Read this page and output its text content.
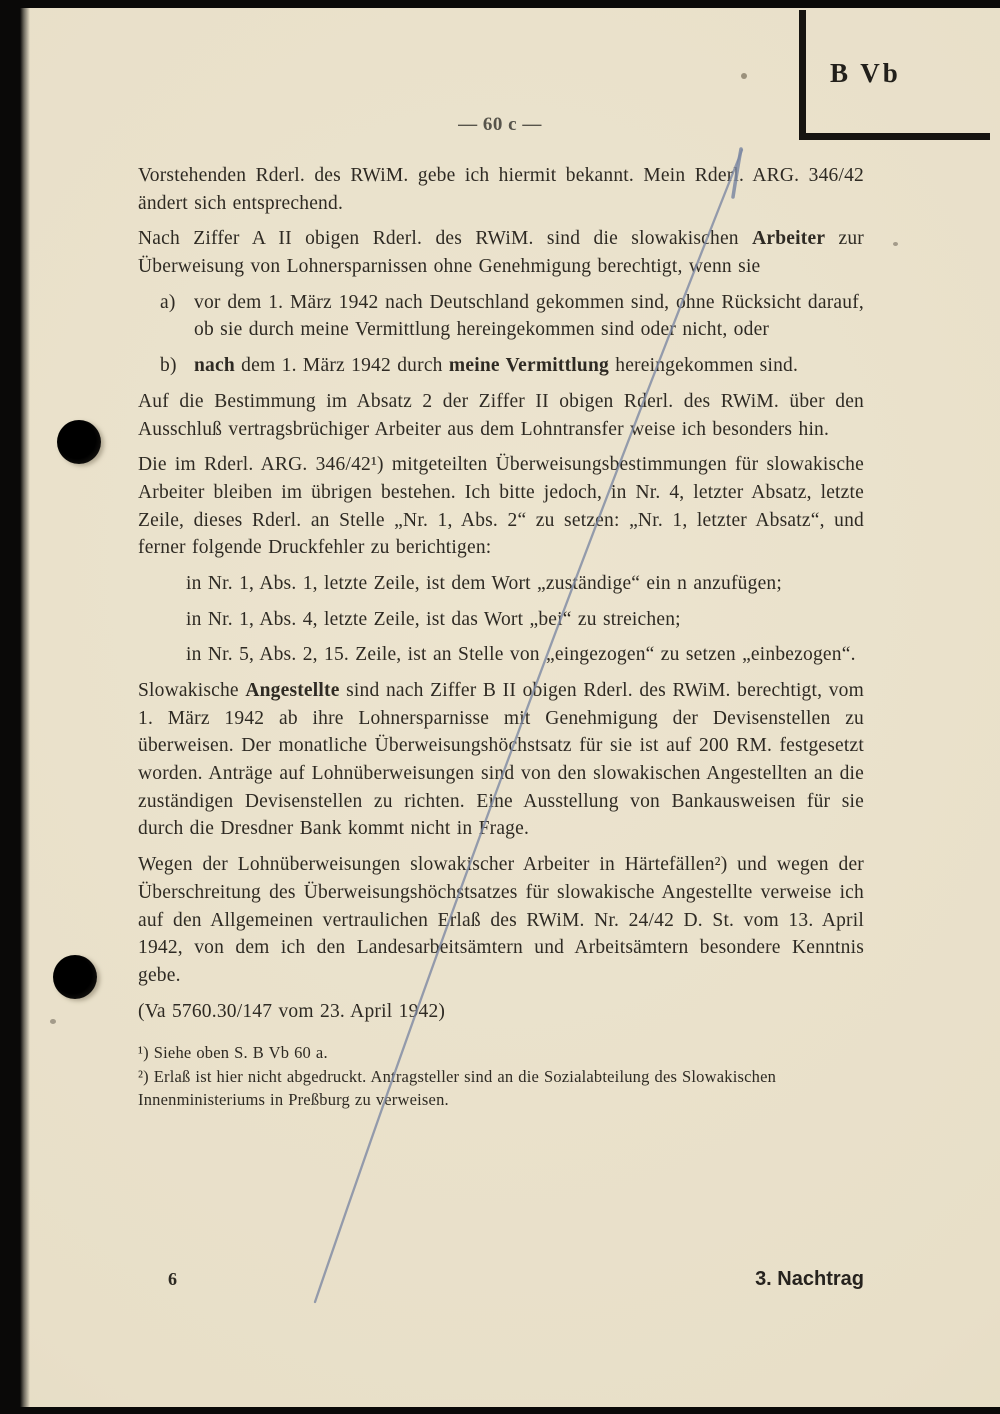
B Vb
— 60 c —

Vorstehenden Rderl. des RWiM. gebe ich hiermit bekannt. Mein Rderl. ARG. 346/42 ändert sich entsprechend.

Nach Ziffer A II obigen Rderl. des RWiM. sind die slowakischen Arbeiter zur Überweisung von Lohnersparnissen ohne Genehmigung berechtigt, wenn sie

a) vor dem 1. März 1942 nach Deutschland gekommen sind, ohne Rücksicht darauf, ob sie durch meine Vermittlung hereingekommen sind oder nicht, oder
b) nach dem 1. März 1942 durch meine Vermittlung hereingekommen sind.

Auf die Bestimmung im Absatz 2 der Ziffer II obigen Rderl. des RWiM. über den Ausschluß vertragsbrüchiger Arbeiter aus dem Lohntransfer weise ich besonders hin.

Die im Rderl. ARG. 346/42¹) mitgeteilten Überweisungsbestimmungen für slowakische Arbeiter bleiben im übrigen bestehen. Ich bitte jedoch, in Nr. 4, letzter Absatz, letzte Zeile, dieses Rderl. an Stelle „Nr. 1, Abs. 2“ zu setzen: „Nr. 1, letzter Absatz“, und ferner folgende Druckfehler zu berichtigen:

in Nr. 1, Abs. 1, letzte Zeile, ist dem Wort „zuständige“ ein n anzufügen;

in Nr. 1, Abs. 4, letzte Zeile, ist das Wort „bei“ zu streichen;

in Nr. 5, Abs. 2, 15. Zeile, ist an Stelle von „eingezogen“ zu setzen „einbezogen“.

Slowakische Angestellte sind nach Ziffer B II obigen Rderl. des RWiM. berechtigt, vom 1. März 1942 ab ihre Lohnersparnisse mit Genehmigung der Devisenstellen zu überweisen. Der monatliche Überweisungshöchstsatz für sie ist auf 200 RM. festgesetzt worden. Anträge auf Lohnüberweisungen sind von den slowakischen Angestellten an die zuständigen Devisenstellen zu richten. Eine Ausstellung von Bankausweisen für sie durch die Dresdner Bank kommt nicht in Frage.

Wegen der Lohnüberweisungen slowakischer Arbeiter in Härtefällen²) und wegen der Überschreitung des Überweisungshöchstsatzes für slowakische Angestellte verweise ich auf den Allgemeinen vertraulichen Erlaß des RWiM. Nr. 24/42 D. St. vom 13. April 1942, von dem ich den Landesarbeitsämtern und Arbeitsämtern besondere Kenntnis gebe.

(Va 5760.30/147 vom 23. April 1942)

¹) Siehe oben S. B Vb 60 a.

²) Erlaß ist hier nicht abgedruckt. Antragsteller sind an die Sozialabteilung des Slowakischen Innenministeriums in Preßburg zu verweisen.

6	3. Nachtrag
